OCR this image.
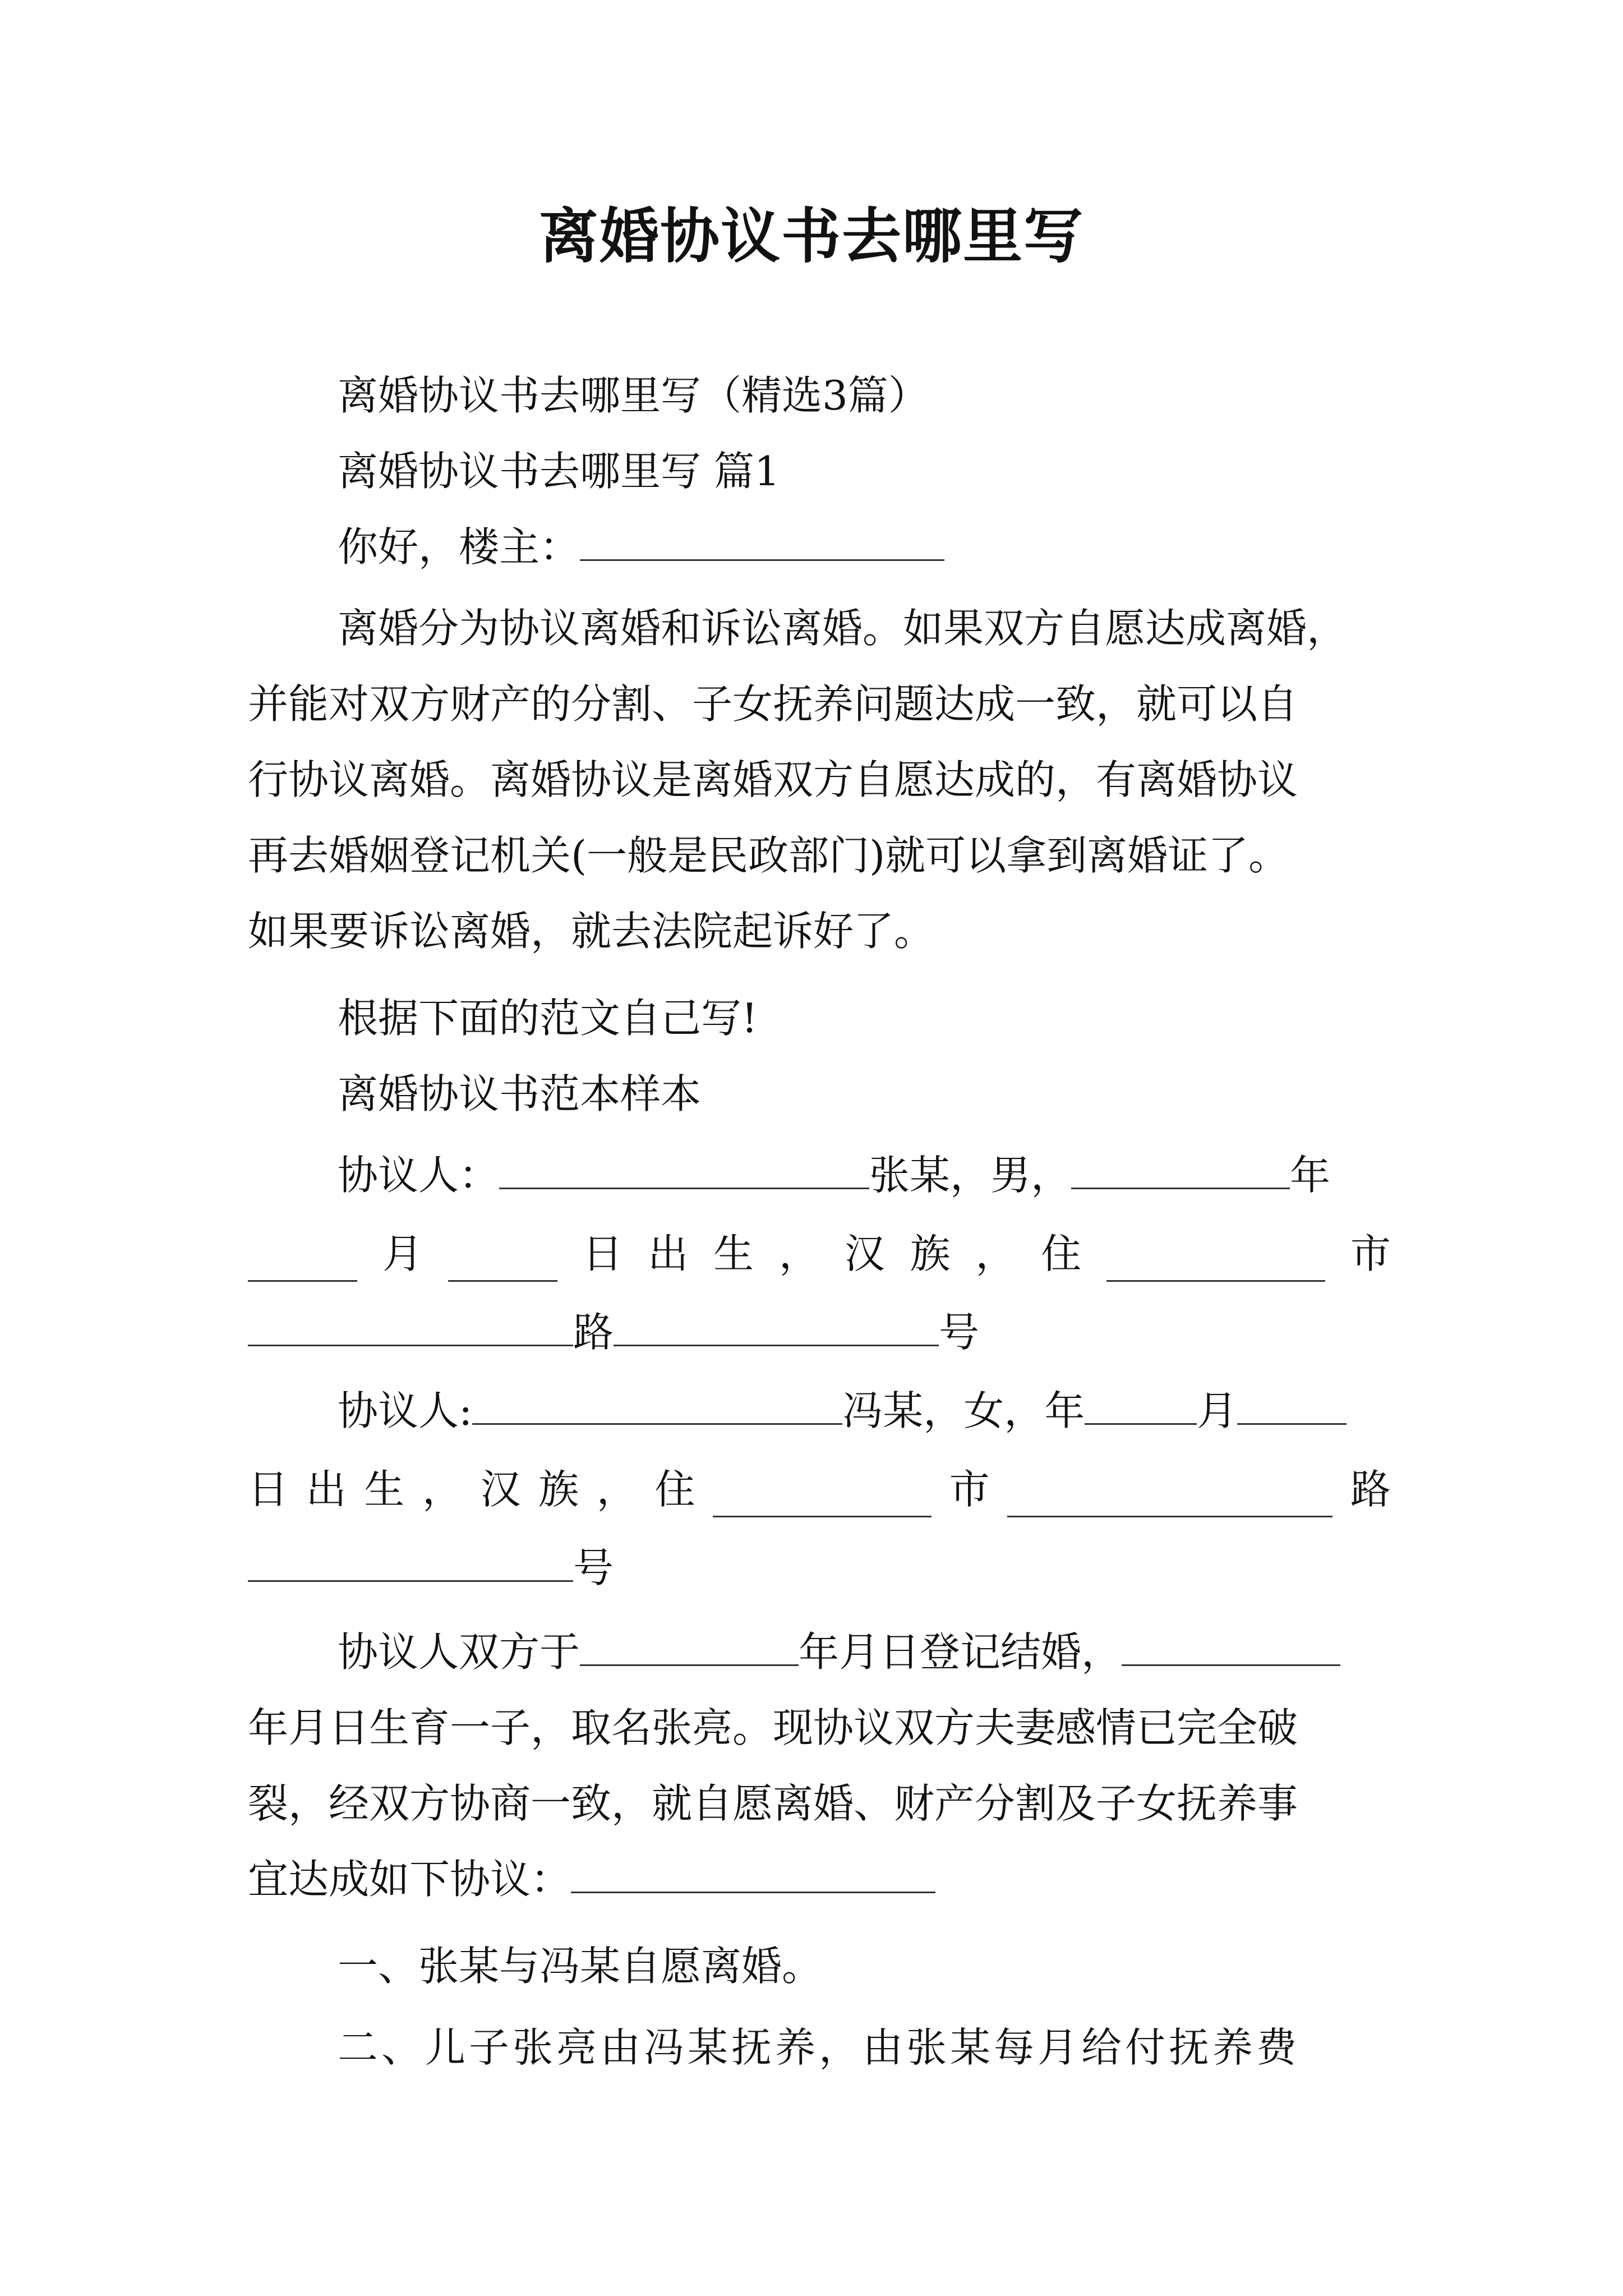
离婚协议书去哪里写
离婚协议书去哪里写（精选3篇）
离婚协议书去哪里写 篇1
你好，楼主：
离婚分为协议离婚和诉讼离婚。如果双方自愿达成离婚，
并能对双方财产的分割、子女抚养问题达成一致，就可以自
行协议离婚。离婚协议是离婚双方自愿达成的，有离婚协议
再去婚姻登记机关(一般是民政部门)就可以拿到离婚证了。
如果要诉讼离婚，就去法院起诉好了。
根据下面的范文自己写!
离婚协议书范本样本
协议人：	张某，男，	年
月	日 出 生 ， 汉 族 ， 住	市
路	号
协议人:	冯某，女，年	月
日 出 生 ， 汉 族 ， 住	市	路
号
协议人双方于	年月日登记结婚，
年月日生育一子，取名张亮。现协议双方夫妻感情已完全破
裂，经双方协商一致，就自愿离婚、财产分割及子女抚养事
宜达成如下协议：
一、张某与冯某自愿离婚。
二、儿子张亮由冯某抚养，由张某每月给付抚养费
